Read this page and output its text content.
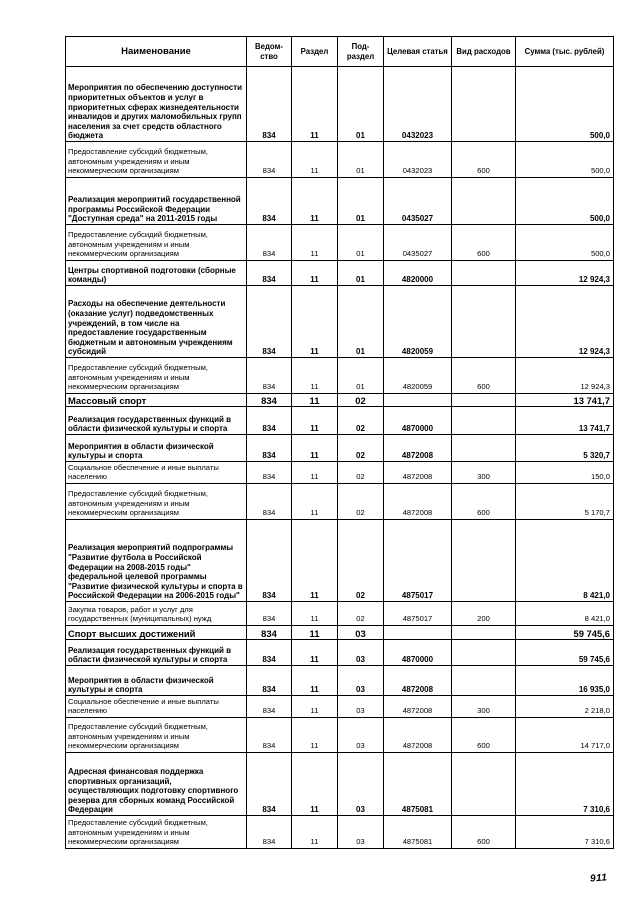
Наименование	Ведом-ство	Раздел	Под-раздел	Целевая статья	Вид расходов	Сумма (тыс. рублей)
Мероприятия по обеспечению доступности приоритетных объектов и услуг в приоритетных сферах жизнедеятельности инвалидов и других маломобильных групп населения за счет средств областного бюджета	834	11	01	0432023		500,0
Предоставление субсидий бюджетным, автономным учреждениям и иным некоммерческим организациям	834	11	01	0432023	600	500,0
Реализация мероприятий государственной программы Российской Федерации "Доступная среда" на 2011-2015 годы	834	11	01	0435027		500,0
Предоставление субсидий бюджетным, автономным учреждениям и иным некоммерческим организациям	834	11	01	0435027	600	500,0
Центры спортивной подготовки (сборные команды)	834	11	01	4820000		12 924,3
Расходы на обеспечение деятельности (оказание услуг) подведомственных учреждений, в том числе на предоставление государственным бюджетным и автономным учреждениям субсидий	834	11	01	4820059		12 924,3
Предоставление субсидий бюджетным, автономным учреждениям и иным некоммерческим организациям	834	11	01	4820059	600	12 924,3
Массовый спорт	834	11	02			13 741,7
Реализация государственных функций в области физической культуры и спорта	834	11	02	4870000		13 741,7
Мероприятия в области физической культуры и спорта	834	11	02	4872008		5 320,7
Социальное обеспечение и иные выплаты населению	834	11	02	4872008	300	150,0
Предоставление субсидий бюджетным, автономным учреждениям и иным некоммерческим организациям	834	11	02	4872008	600	5 170,7
Реализация мероприятий подпрограммы "Развитие футбола в Российской Федерации на 2008-2015 годы" федеральной целевой программы "Развитие физической культуры и спорта в Российской Федерации на 2006-2015 годы"	834	11	02	4875017		8 421,0
Закупка товаров, работ и услуг для государственных (муниципальных) нужд	834	11	02	4875017	200	8 421,0
Спорт высших достижений	834	11	03			59 745,6
Реализация государственных функций в области физической культуры и спорта	834	11	03	4870000		59 745,6
Мероприятия в области физической культуры и спорта	834	11	03	4872008		16 935,0
Социальное обеспечение и иные выплаты населению	834	11	03	4872008	300	2 218,0
Предоставление субсидий бюджетным, автономным учреждениям и иным некоммерческим организациям	834	11	03	4872008	600	14 717,0
Адресная финансовая поддержка спортивных организаций, осуществляющих подготовку спортивного резерва для сборных команд Российской Федерации	834	11	03	4875081		7 310,6
Предоставление субсидий бюджетным, автономным учреждениям и иным некоммерческим организациям	834	11	03	4875081	600	7 310,6
911
